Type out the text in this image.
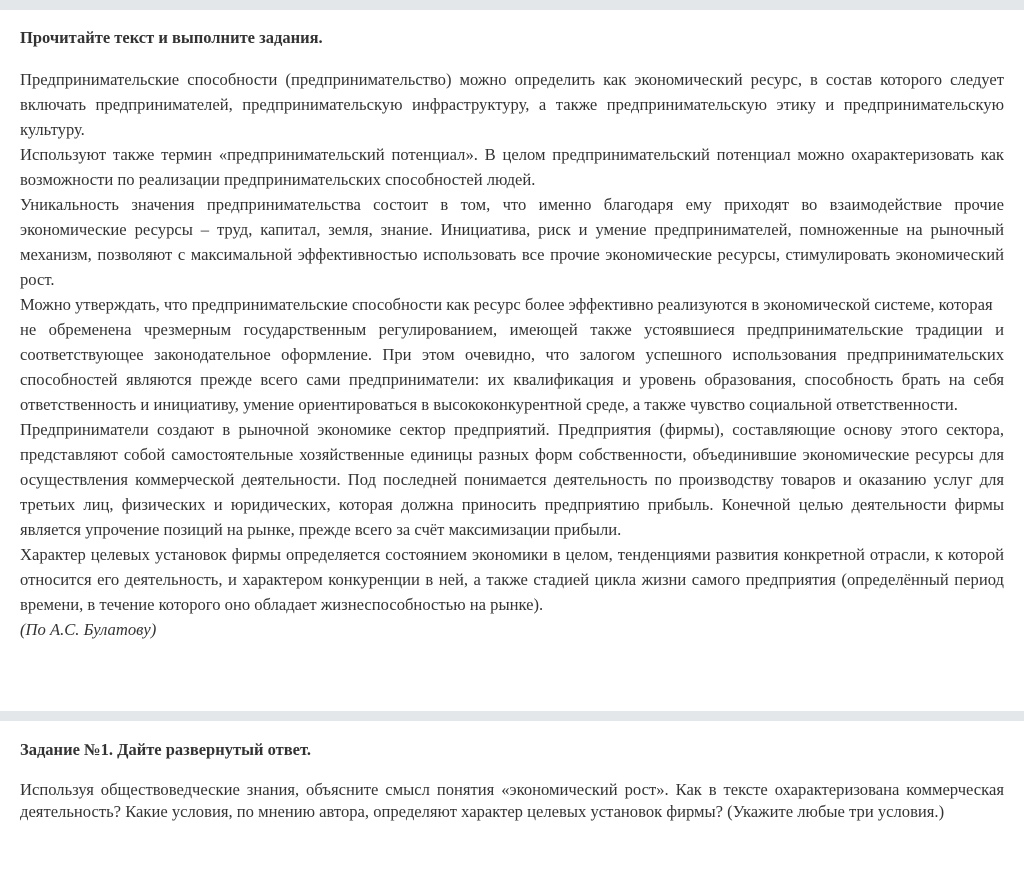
Прочитайте текст и выполните задания.

Предпринимательские способности (предпринимательство) можно определить как экономический ресурс, в состав которого следует включать предпринимателей, предпринимательскую инфраструктуру, а также предпринимательскую этику и предпринимательскую культуру.

Используют также термин «предпринимательский потенциал». В целом предпринимательский потенциал можно охарактеризовать как возможности по реализации предпринимательских способностей людей.

Уникальность значения предпринимательства состоит в том, что именно благодаря ему приходят во взаимодействие прочие экономические ресурсы – труд, капитал, земля, знание. Инициатива, риск и умение предпринимателей, помноженные на рыночный механизм, позволяют с максимальной эффективностью использовать все прочие экономические ресурсы, стимулировать экономический рост.

Можно утверждать, что предпринимательские способности как ресурс более эффективно реализуются в экономической системе, которая

не обременена чрезмерным государственным регулированием, имеющей также устоявшиеся предпринимательские традиции и соответствующее законодательное оформление. При этом очевидно, что залогом успешного использования предпринимательских способностей являются прежде всего сами предприниматели: их квалификация и уровень образования, способность брать на себя ответственность и инициативу, умение ориентироваться в высококонкурентной среде, а также чувство социальной ответственности.

Предприниматели создают в рыночной экономике сектор предприятий. Предприятия (фирмы), составляющие основу этого сектора, представляют собой самостоятельные хозяйственные единицы разных форм собственности, объединившие экономические ресурсы для осуществления коммерческой деятельности. Под последней понимается деятельность по производству товаров и оказанию услуг для третьих лиц, физических и юридических, которая должна приносить предприятию прибыль. Конечной целью деятельности фирмы является упрочение позиций на рынке, прежде всего за счёт максимизации прибыли.

Характер целевых установок фирмы определяется состоянием экономики в целом, тенденциями развития конкретной отрасли, к которой относится его деятельность, и характером конкуренции в ней, а также стадией цикла жизни самого предприятия (определённый период времени, в течение которого оно обладает жизнеспособностью на рынке).

(По А.С. Булатову)

Задание №1. Дайте развернутый ответ.

Используя обществоведческие знания, объясните смысл понятия «экономический рост». Как в тексте охарактеризована коммерческая деятельность? Какие условия, по мнению автора, определяют характер целевых установок фирмы? (Укажите любые три условия.)
